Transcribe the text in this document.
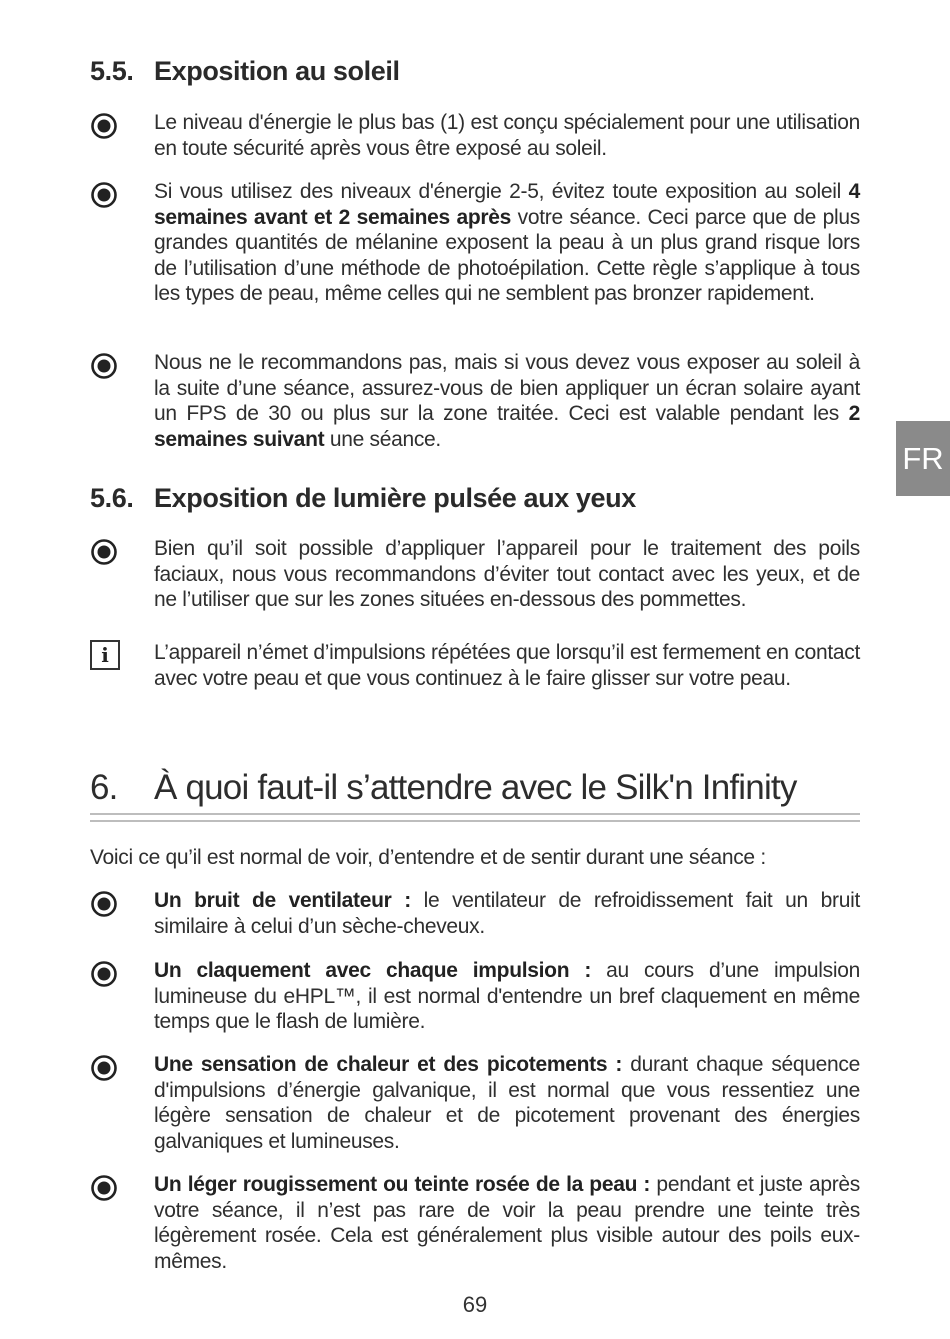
5.5. Exposition au soleil
Le niveau d'énergie le plus bas (1) est conçu spécialement pour une utilisation en toute sécurité après vous être exposé au soleil.
Si vous utilisez des niveaux d'énergie 2-5, évitez toute exposition au soleil 4 semaines avant et 2 semaines après votre séance. Ceci parce que de plus grandes quantités de mélanine exposent la peau à un plus grand risque lors de l’utilisation d’une méthode de photoépilation. Cette règle s’applique à tous les types de peau, même celles qui ne semblent pas bronzer rapidement.
Nous ne le recommandons pas, mais si vous devez vous exposer au soleil à la suite d’une séance, assurez-vous de bien appliquer un écran solaire ayant un FPS de 30 ou plus sur la zone traitée. Ceci est valable pendant les 2 semaines suivant une séance.
5.6. Exposition de lumière pulsée aux yeux
Bien qu’il soit possible d’appliquer l’appareil pour le traitement des poils faciaux, nous vous recommandons d’éviter tout contact avec les yeux, et de ne l’utiliser que sur les zones situées en-dessous des pommettes.
i	L’appareil n’émet d’impulsions répétées que lorsqu’il est fermement en contact avec votre peau et que vous continuez à le faire glisser sur votre peau.
6. À quoi faut-il s’attendre avec le Silk'n Infinity
Voici ce qu’il est normal de voir, d’entendre et de sentir durant une séance :
Un bruit de ventilateur : le ventilateur de refroidissement fait un bruit similaire à celui d’un sèche-cheveux.
Un claquement avec chaque impulsion : au cours d’une impulsion lumineuse du eHPL™, il est normal d'entendre un bref claquement en même temps que le flash de lumière.
Une sensation de chaleur et des picotements : durant chaque séquence d'impulsions d’énergie galvanique, il est normal que vous ressentiez une légère sensation de chaleur et de picotement provenant des énergies galvaniques et lumineuses.
Un léger rougissement ou teinte rosée de la peau : pendant et juste après votre séance, il n’est pas rare de voir la peau prendre une teinte très légèrement rosée. Cela est généralement plus visible autour des poils eux-mêmes.
FR
69
